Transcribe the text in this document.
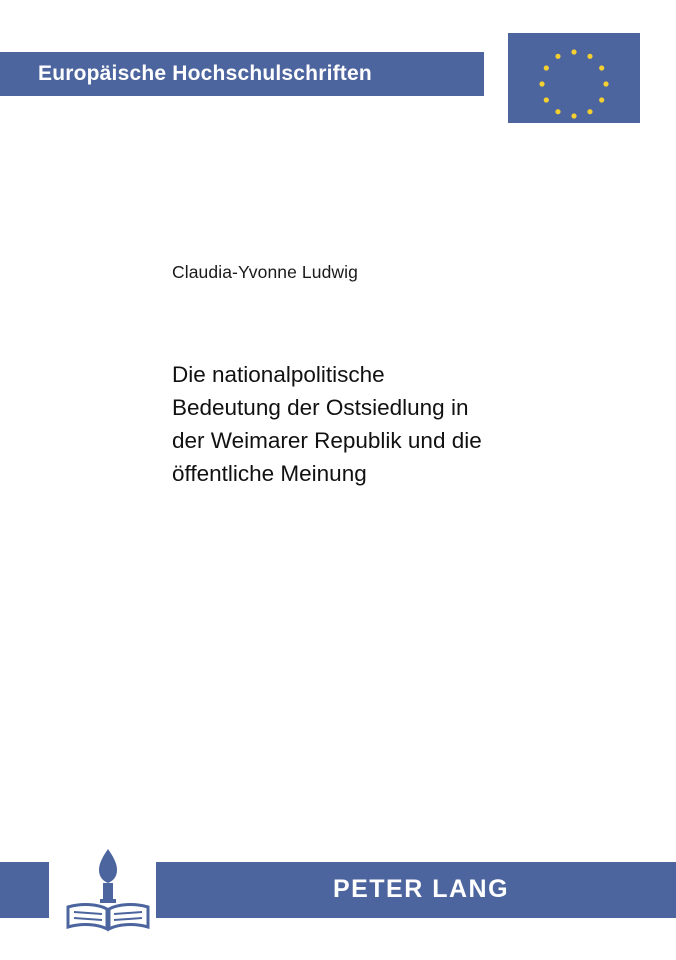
Europäische Hochschulschriften
Claudia-Yvonne Ludwig
Die nationalpolitische
Bedeutung der Ostsiedlung in
der Weimarer Republik und die
öffentliche Meinung
PETER LANG
